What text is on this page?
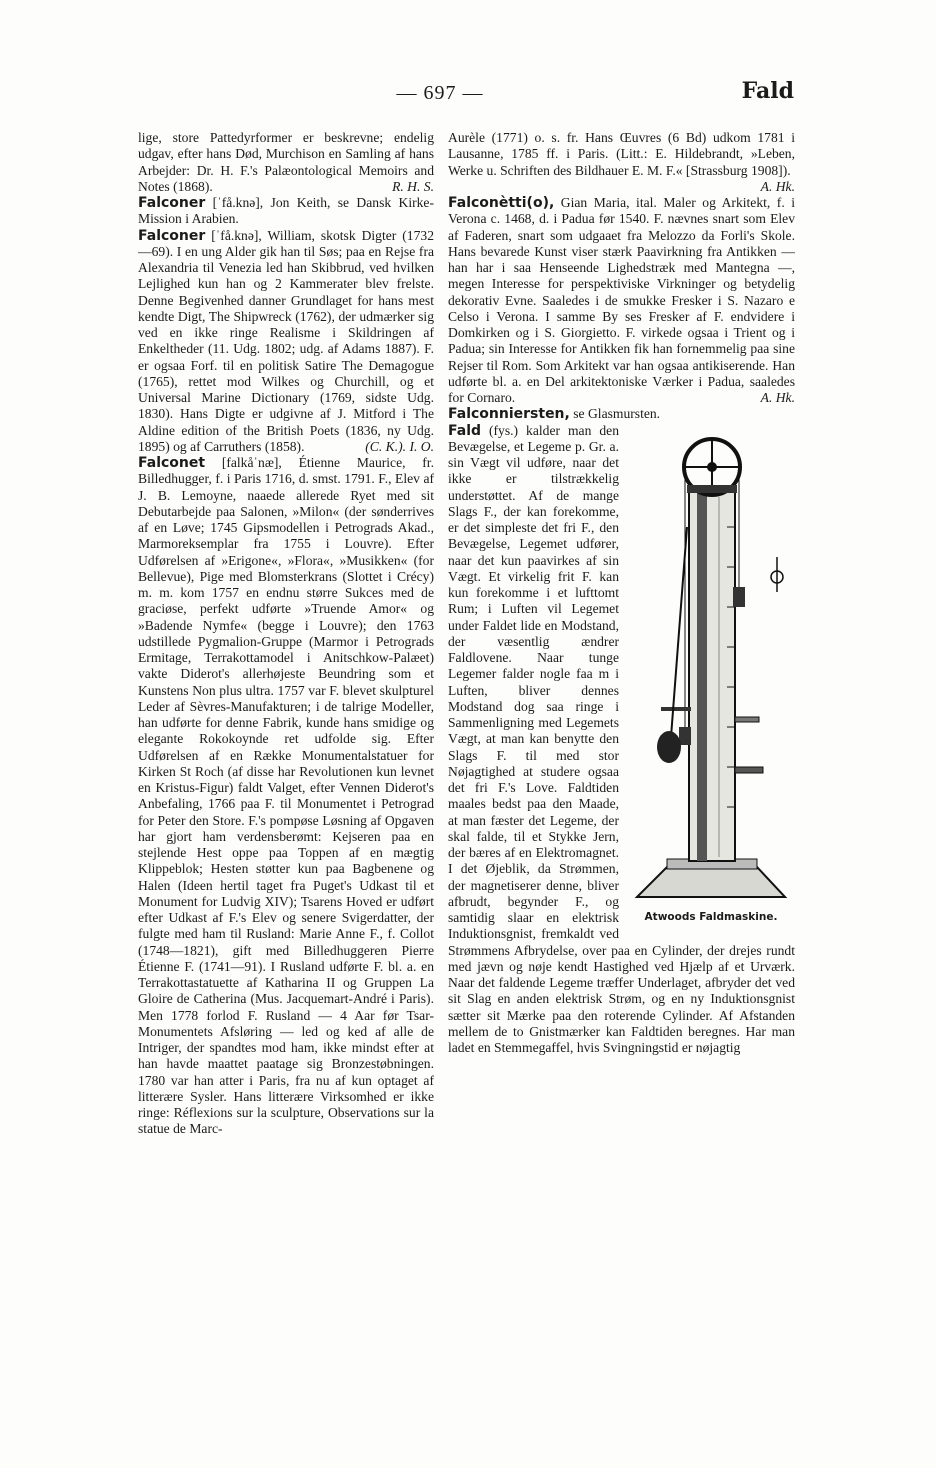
— 697 —	Fald

lige, store Pattedyrformer er beskrevne; endelig udgav, efter hans Død, Murchison en Samling af hans Arbejder: Dr. H. F.'s Palæontological Memoirs and Notes (1868).	R. H. S.

Falconer [ˈfå.knə], Jon Keith, se Dansk Kirke-Mission i Arabien.

Falconer [ˈfå.knə], William, skotsk Digter (1732—69). I en ung Alder gik han til Søs; paa en Rejse fra Alexandria til Venezia led han Skibbrud, ved hvilken Lejlighed kun han og 2 Kammerater blev frelste. Denne Begivenhed danner Grundlaget for hans mest kendte Digt, The Shipwreck (1762), der udmærker sig ved en ikke ringe Realisme i Skildringen af Enkeltheder (11. Udg. 1802; udg. af Adams 1887). F. er ogsaa Forf. til en politisk Satire The Demagogue (1765), rettet mod Wilkes og Churchill, og et Universal Marine Dictionary (1769, sidste Udg. 1830). Hans Digte er udgivne af J. Mitford i The Aldine edition of the British Poets (1836, ny Udg. 1895) og af Carruthers (1858).	(C. K.). I. O.

Falconet [falkåˈnæ], Étienne Maurice, fr. Billedhugger, f. i Paris 1716, d. smst. 1791. F., Elev af J. B. Lemoyne, naaede allerede Ryet med sit Debutarbejde paa Salonen, »Milon« (der sønderrives af en Løve; 1745 Gipsmodellen i Petrograds Akad., Marmoreksemplar fra 1755 i Louvre). Efter Udførelsen af »Erigone«, »Flora«, »Musikken« (for Bellevue), Pige med Blomsterkrans (Slottet i Crécy) m. m. kom 1757 en endnu større Sukces med de graciøse, perfekt udførte »Truende Amor« og »Badende Nymfe« (begge i Louvre); den 1763 udstillede Pygmalion-Gruppe (Marmor i Petrograds Ermitage, Terrakottamodel i Anitschkow-Palæet) vakte Diderot's allerhøjeste Beundring som et Kunstens Non plus ultra. 1757 var F. blevet skulpturel Leder af Sèvres-Manufakturen; i de talrige Modeller, han udførte for denne Fabrik, kunde hans smidige og elegante Rokokoynde ret udfolde sig. Efter Udførelsen af en Række Monumentalstatuer for Kirken St Roch (af disse har Revolutionen kun levnet en Kristus-Figur) faldt Valget, efter Vennen Diderot's Anbefaling, 1766 paa F. til Monumentet i Petrograd for Peter den Store. F.'s pompøse Løsning af Opgaven har gjort ham verdensberømt: Kejseren paa en stejlende Hest oppe paa Toppen af en mægtig Klippeblok; Hesten støtter kun paa Bagbenene og Halen (Ideen hertil taget fra Puget's Udkast til et Monument for Ludvig XIV); Tsarens Hoved er udført efter Udkast af F.'s Elev og senere Svigerdatter, der fulgte med ham til Rusland: Marie Anne F., f. Collot (1748—1821), gift med Billedhuggeren Pierre Étienne F. (1741—91). I Rusland udførte F. bl. a. en Terrakottastatuette af Katharina II og Gruppen La Gloire de Catherina (Mus. Jacquemart-André i Paris). Men 1778 forlod F. Rusland — 4 Aar før Tsar-Monumentets Afsløring — led og ked af alle de Intriger, der spandtes mod ham, ikke mindst efter at han havde maattet paatage sig Bronzestøbningen. 1780 var han atter i Paris, fra nu af kun optaget af litterære Sysler. Hans litterære Virksomhed er ikke ringe: Réflexions sur la sculpture, Observations sur la statue de Marc-

Aurèle (1771) o. s. fr. Hans Œuvres (6 Bd) udkom 1781 i Lausanne, 1785 ff. i Paris. (Litt.: E. Hildebrandt, »Leben, Werke u. Schriften des Bildhauer E. M. F.« [Strassburg 1908]).
A. Hk.

Falconètti(o), Gian Maria, ital. Maler og Arkitekt, f. i Verona c. 1468, d. i Padua før 1540. F. nævnes snart som Elev af Faderen, snart som udgaaet fra Melozzo da Forli's Skole. Hans bevarede Kunst viser stærk Paavirkning fra Antikken — han har i saa Henseende Lighedstræk med Mantegna —, megen Interesse for perspektiviske Virkninger og betydelig dekorativ Evne. Saaledes i de smukke Fresker i S. Nazaro e Celso i Verona. I samme By ses Fresker af F. endvidere i Domkirken og i S. Giorgietto. F. virkede ogsaa i Trient og i Padua; sin Interesse for Antikken fik han fornemmelig paa sine Rejser til Rom. Som Arkitekt var han ogsaa antikiserende. Han udførte bl. a. en Del arkitektoniske Værker i Padua, saaledes for Cornaro.	A. Hk.

Falconniersten, se Glasmursten.

Fald
Atwoods Faldmaskine.
(fys.) kalder man den Bevægelse, et Legeme p. Gr. a. sin Vægt vil udføre, naar det ikke er tilstrækkelig understøttet. Af de mange Slags F., der kan forekomme, er det simpleste det fri F., den Bevægelse, Legemet udfører, naar det kun paavirkes af sin Vægt. Et virkelig frit F. kan kun forekomme i et lufttomt Rum; i Luften vil Legemet under Faldet lide en Modstand, der væsentlig ændrer Faldlovene. Naar tunge Legemer falder nogle faa m i Luften, bliver dennes Modstand dog saa ringe i Sammenligning med Legemets Vægt, at man kan benytte den Slags F. til med stor Nøjagtighed at studere ogsaa det fri F.'s Love. Faldtiden maales bedst paa den Maade, at man fæster det Legeme, der skal falde, til et Stykke Jern, der bæres af en Elektromagnet. I det Øjeblik, da Strømmen, der magnetiserer denne, bliver afbrudt, begynder F., og samtidig slaar en elektrisk Induktionsgnist, fremkaldt ved Strømmens Afbrydelse, over paa en Cylinder, der drejes rundt med jævn og nøje kendt Hastighed ved Hjælp af et Urværk. Naar det faldende Legeme træffer Underlaget, afbryder det ved sit Slag en anden elektrisk Strøm, og en ny Induktionsgnist sætter sit Mærke paa den roterende Cylinder. Af Afstanden mellem de to Gnistmærker kan Faldtiden beregnes. Har man ladet en Stemmegaffel, hvis Svingningstid er nøjagtig
